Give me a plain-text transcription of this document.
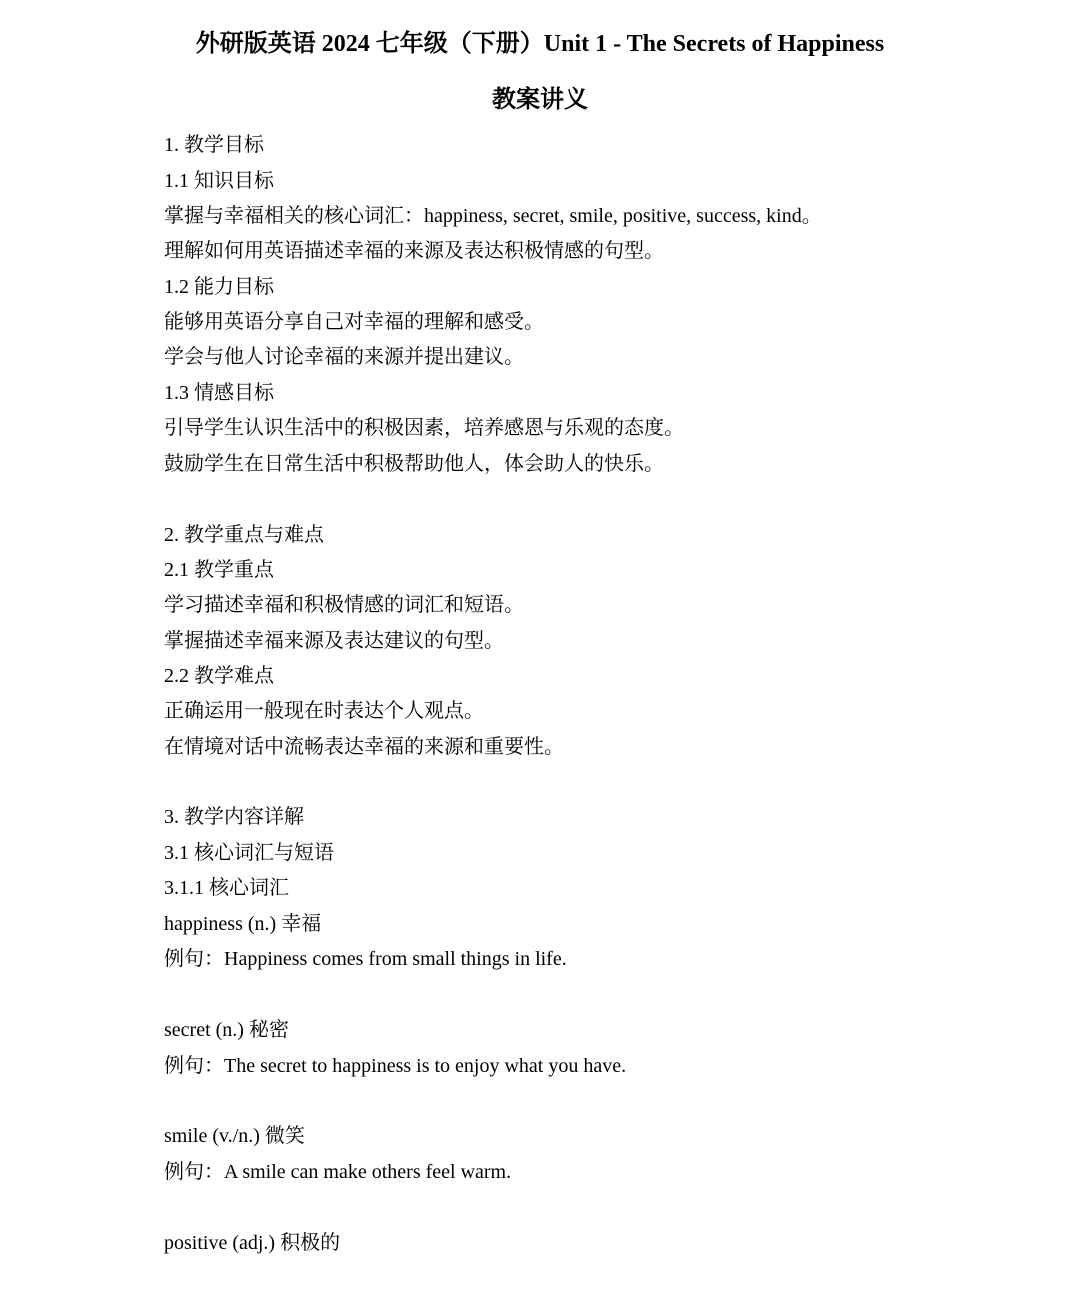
外研版英语 2024 七年级（下册）Unit 1 - The Secrets of Happiness
教案讲义
1. 教学目标
1.1 知识目标
掌握与幸福相关的核心词汇：happiness, secret, smile, positive, success, kind。
理解如何用英语描述幸福的来源及表达积极情感的句型。
1.2 能力目标
能够用英语分享自己对幸福的理解和感受。
学会与他人讨论幸福的来源并提出建议。
1.3 情感目标
引导学生认识生活中的积极因素，培养感恩与乐观的态度。
鼓励学生在日常生活中积极帮助他人，体会助人的快乐。
2. 教学重点与难点
2.1 教学重点
学习描述幸福和积极情感的词汇和短语。
掌握描述幸福来源及表达建议的句型。
2.2 教学难点
正确运用一般现在时表达个人观点。
在情境对话中流畅表达幸福的来源和重要性。
3. 教学内容详解
3.1 核心词汇与短语
3.1.1 核心词汇
happiness (n.) 幸福
例句：Happiness comes from small things in life.
secret (n.) 秘密
例句：The secret to happiness is to enjoy what you have.
smile (v./n.) 微笑
例句：A smile can make others feel warm.
positive (adj.) 积极的
